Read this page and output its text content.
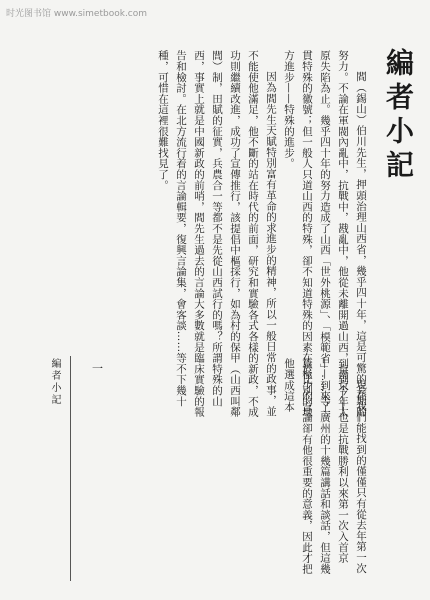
时光图书馆 www.simetbook.com
編者小記

閻（錫山）伯川先生，押頭治理山西省，幾乎四十年，這是可驚的長期的努力。不論在軍閥內亂中，抗戰中，戡亂中，他從未離開過山西，直到今年太原失陷為止。幾乎四十年的努力造成了山西「世外桃源」、「模範省」……等一貫特殊的徽號；但一般人只道山西的特殊，卻不知道特殊的因素在於比別的地方進步——特殊的進步。

因為閻先生天賦特別富有革命的求進步的精神，所以一般日常的政事，並不能使他滿足，他不斷的站在時代的前面，研究和實驗各式各樣的新政，不成功則繼續改進，成功了宣傳推行，該提倡中樞採行，如為村的保甲（山西叫鄰閭）制，田賦的征實，兵農合一等都不是先從山西試行的嗎？所謂特殊的山西，事實上就是中國新政的前哨，閻先生過去的言論大多數就是臨床實驗的報告和檢討。在北方流行着的言論輯要，復興言論集，會客談……等不下幾十種，可惜在這裡很難找見了。

現在我們能找到的僅僅只有從去年第一次到南京——也是抗戰勝利以來第一次入首京——到來了廣州的十幾篇講話和談話，但這幾篇極少的言論卻有他很重要的意義，因此才把他選成這本

編者小記	一
